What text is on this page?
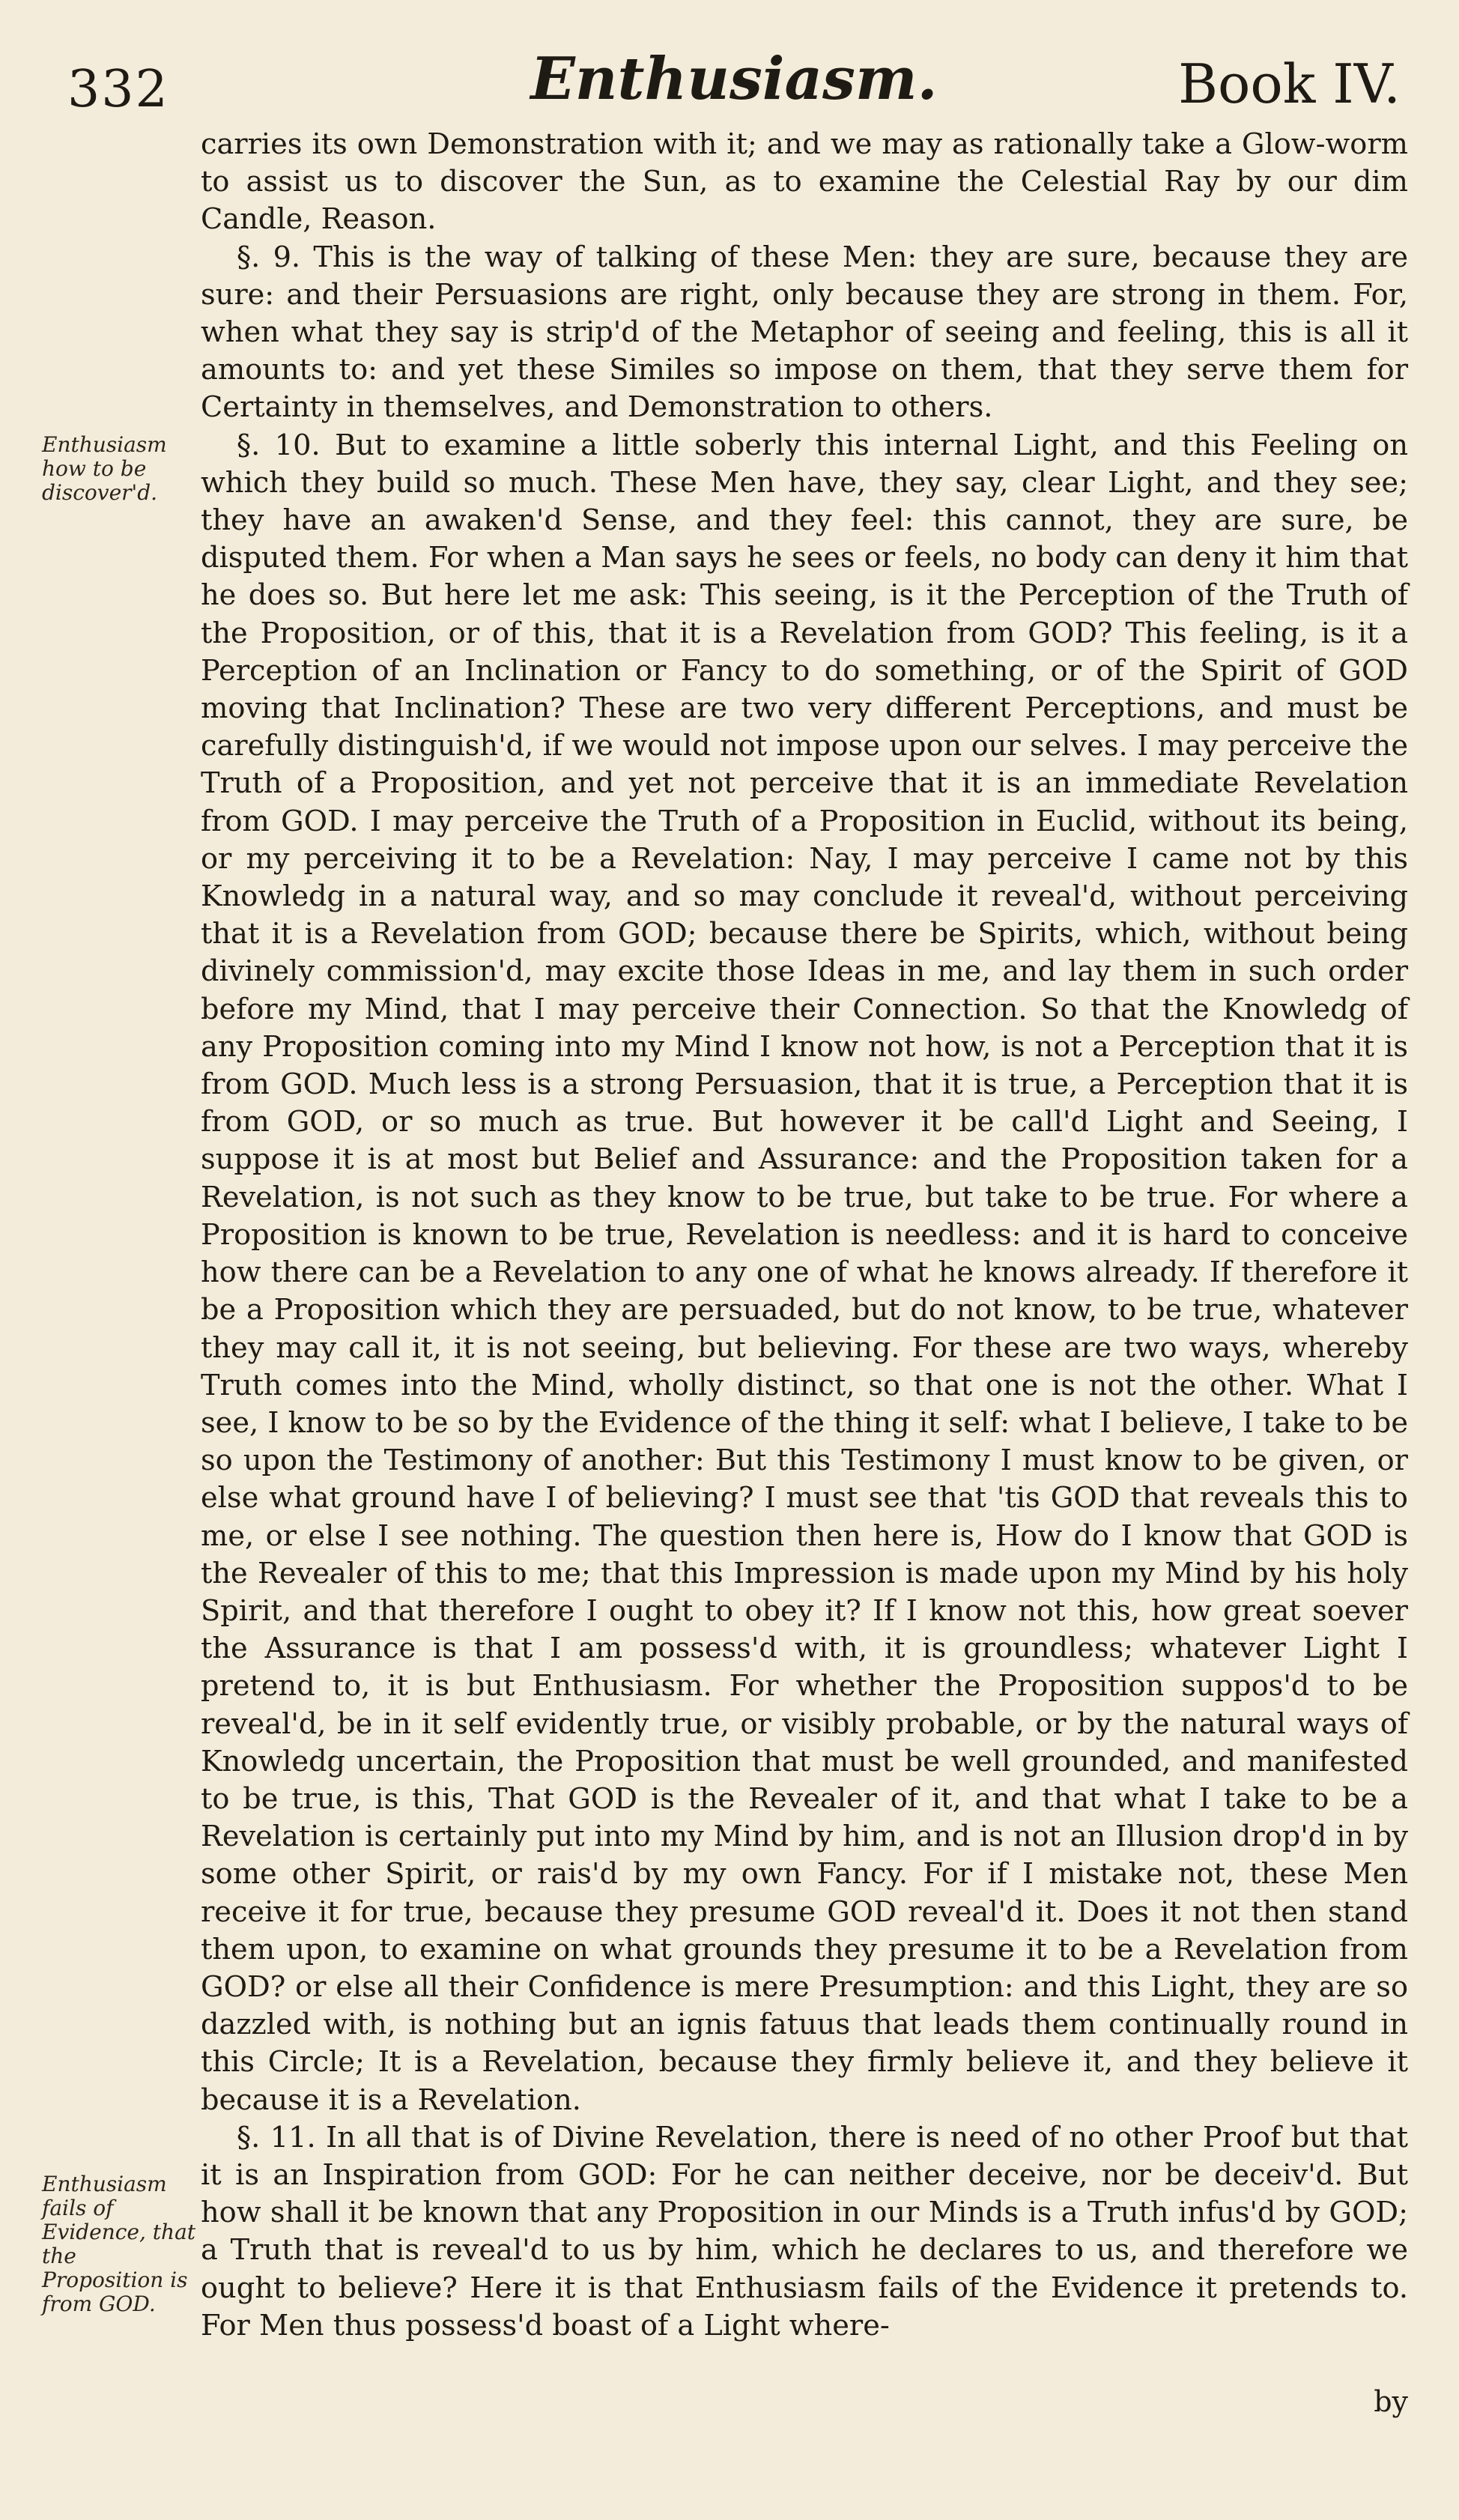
332	Enthusiasm.	Book IV.
Enthusiasm how to be discover'd.
Enthusiasm fails of Evidence, that the Proposition is from GOD.

carries its own Demonstration with it; and we may as rationally take a Glow-worm to assist us to discover the Sun, as to examine the Celestial Ray by our dim Candle, Reason.

§. 9. This is the way of talking of these Men: they are sure, because they are sure: and their Persuasions are right, only because they are strong in them. For, when what they say is strip'd of the Metaphor of seeing and feeling, this is all it amounts to: and yet these Similes so impose on them, that they serve them for Certainty in themselves, and Demonstration to others.

§. 10. But to examine a little soberly this internal Light, and this Feeling on which they build so much. These Men have, they say, clear Light, and they see; they have an awaken'd Sense, and they feel: this cannot, they are sure, be disputed them. For when a Man says he sees or feels, no body can deny it him that he does so. But here let me ask: This seeing, is it the Perception of the Truth of the Proposition, or of this, that it is a Revelation from GOD? This feeling, is it a Perception of an Inclination or Fancy to do something, or of the Spirit of GOD moving that Inclination? These are two very different Perceptions, and must be carefully distinguish'd, if we would not impose upon our selves. I may perceive the Truth of a Proposition, and yet not perceive that it is an immediate Revelation from GOD. I may perceive the Truth of a Proposition in Euclid, without its being, or my perceiving it to be a Revelation: Nay, I may perceive I came not by this Knowledg in a natural way, and so may conclude it reveal'd, without perceiving that it is a Revelation from GOD; because there be Spirits, which, without being divinely commission'd, may excite those Ideas in me, and lay them in such order before my Mind, that I may perceive their Connection. So that the Knowledg of any Proposition coming into my Mind I know not how, is not a Perception that it is from GOD. Much less is a strong Persuasion, that it is true, a Perception that it is from GOD, or so much as true. But however it be call'd Light and Seeing, I suppose it is at most but Belief and Assurance: and the Proposition taken for a Revelation, is not such as they know to be true, but take to be true. For where a Proposition is known to be true, Revelation is needless: and it is hard to conceive how there can be a Revelation to any one of what he knows already. If therefore it be a Proposition which they are persuaded, but do not know, to be true, whatever they may call it, it is not seeing, but believing. For these are two ways, whereby Truth comes into the Mind, wholly distinct, so that one is not the other. What I see, I know to be so by the Evidence of the thing it self: what I believe, I take to be so upon the Testimony of another: But this Testimony I must know to be given, or else what ground have I of believing? I must see that 'tis GOD that reveals this to me, or else I see nothing. The question then here is, How do I know that GOD is the Revealer of this to me; that this Impression is made upon my Mind by his holy Spirit, and that therefore I ought to obey it? If I know not this, how great soever the Assurance is that I am possess'd with, it is groundless; whatever Light I pretend to, it is but Enthusiasm. For whether the Proposition suppos'd to be reveal'd, be in it self evidently true, or visibly probable, or by the natural ways of Knowledg uncertain, the Proposition that must be well grounded, and manifested to be true, is this, That GOD is the Revealer of it, and that what I take to be a Revelation is certainly put into my Mind by him, and is not an Illusion drop'd in by some other Spirit, or rais'd by my own Fancy. For if I mistake not, these Men receive it for true, because they presume GOD reveal'd it. Does it not then stand them upon, to examine on what grounds they presume it to be a Revelation from GOD? or else all their Confidence is mere Presumption: and this Light, they are so dazzled with, is nothing but an ignis fatuus that leads them continually round in this Circle; It is a Revelation, because they firmly believe it, and they believe it because it is a Revelation.

§. 11. In all that is of Divine Revelation, there is need of no other Proof but that it is an Inspiration from GOD: For he can neither deceive, nor be deceiv'd. But how shall it be known that any Proposition in our Minds is a Truth infus'd by GOD; a Truth that is reveal'd to us by him, which he declares to us, and therefore we ought to believe? Here it is that Enthusiasm fails of the Evidence it pretends to. For Men thus possess'd boast of a Light where-

by
